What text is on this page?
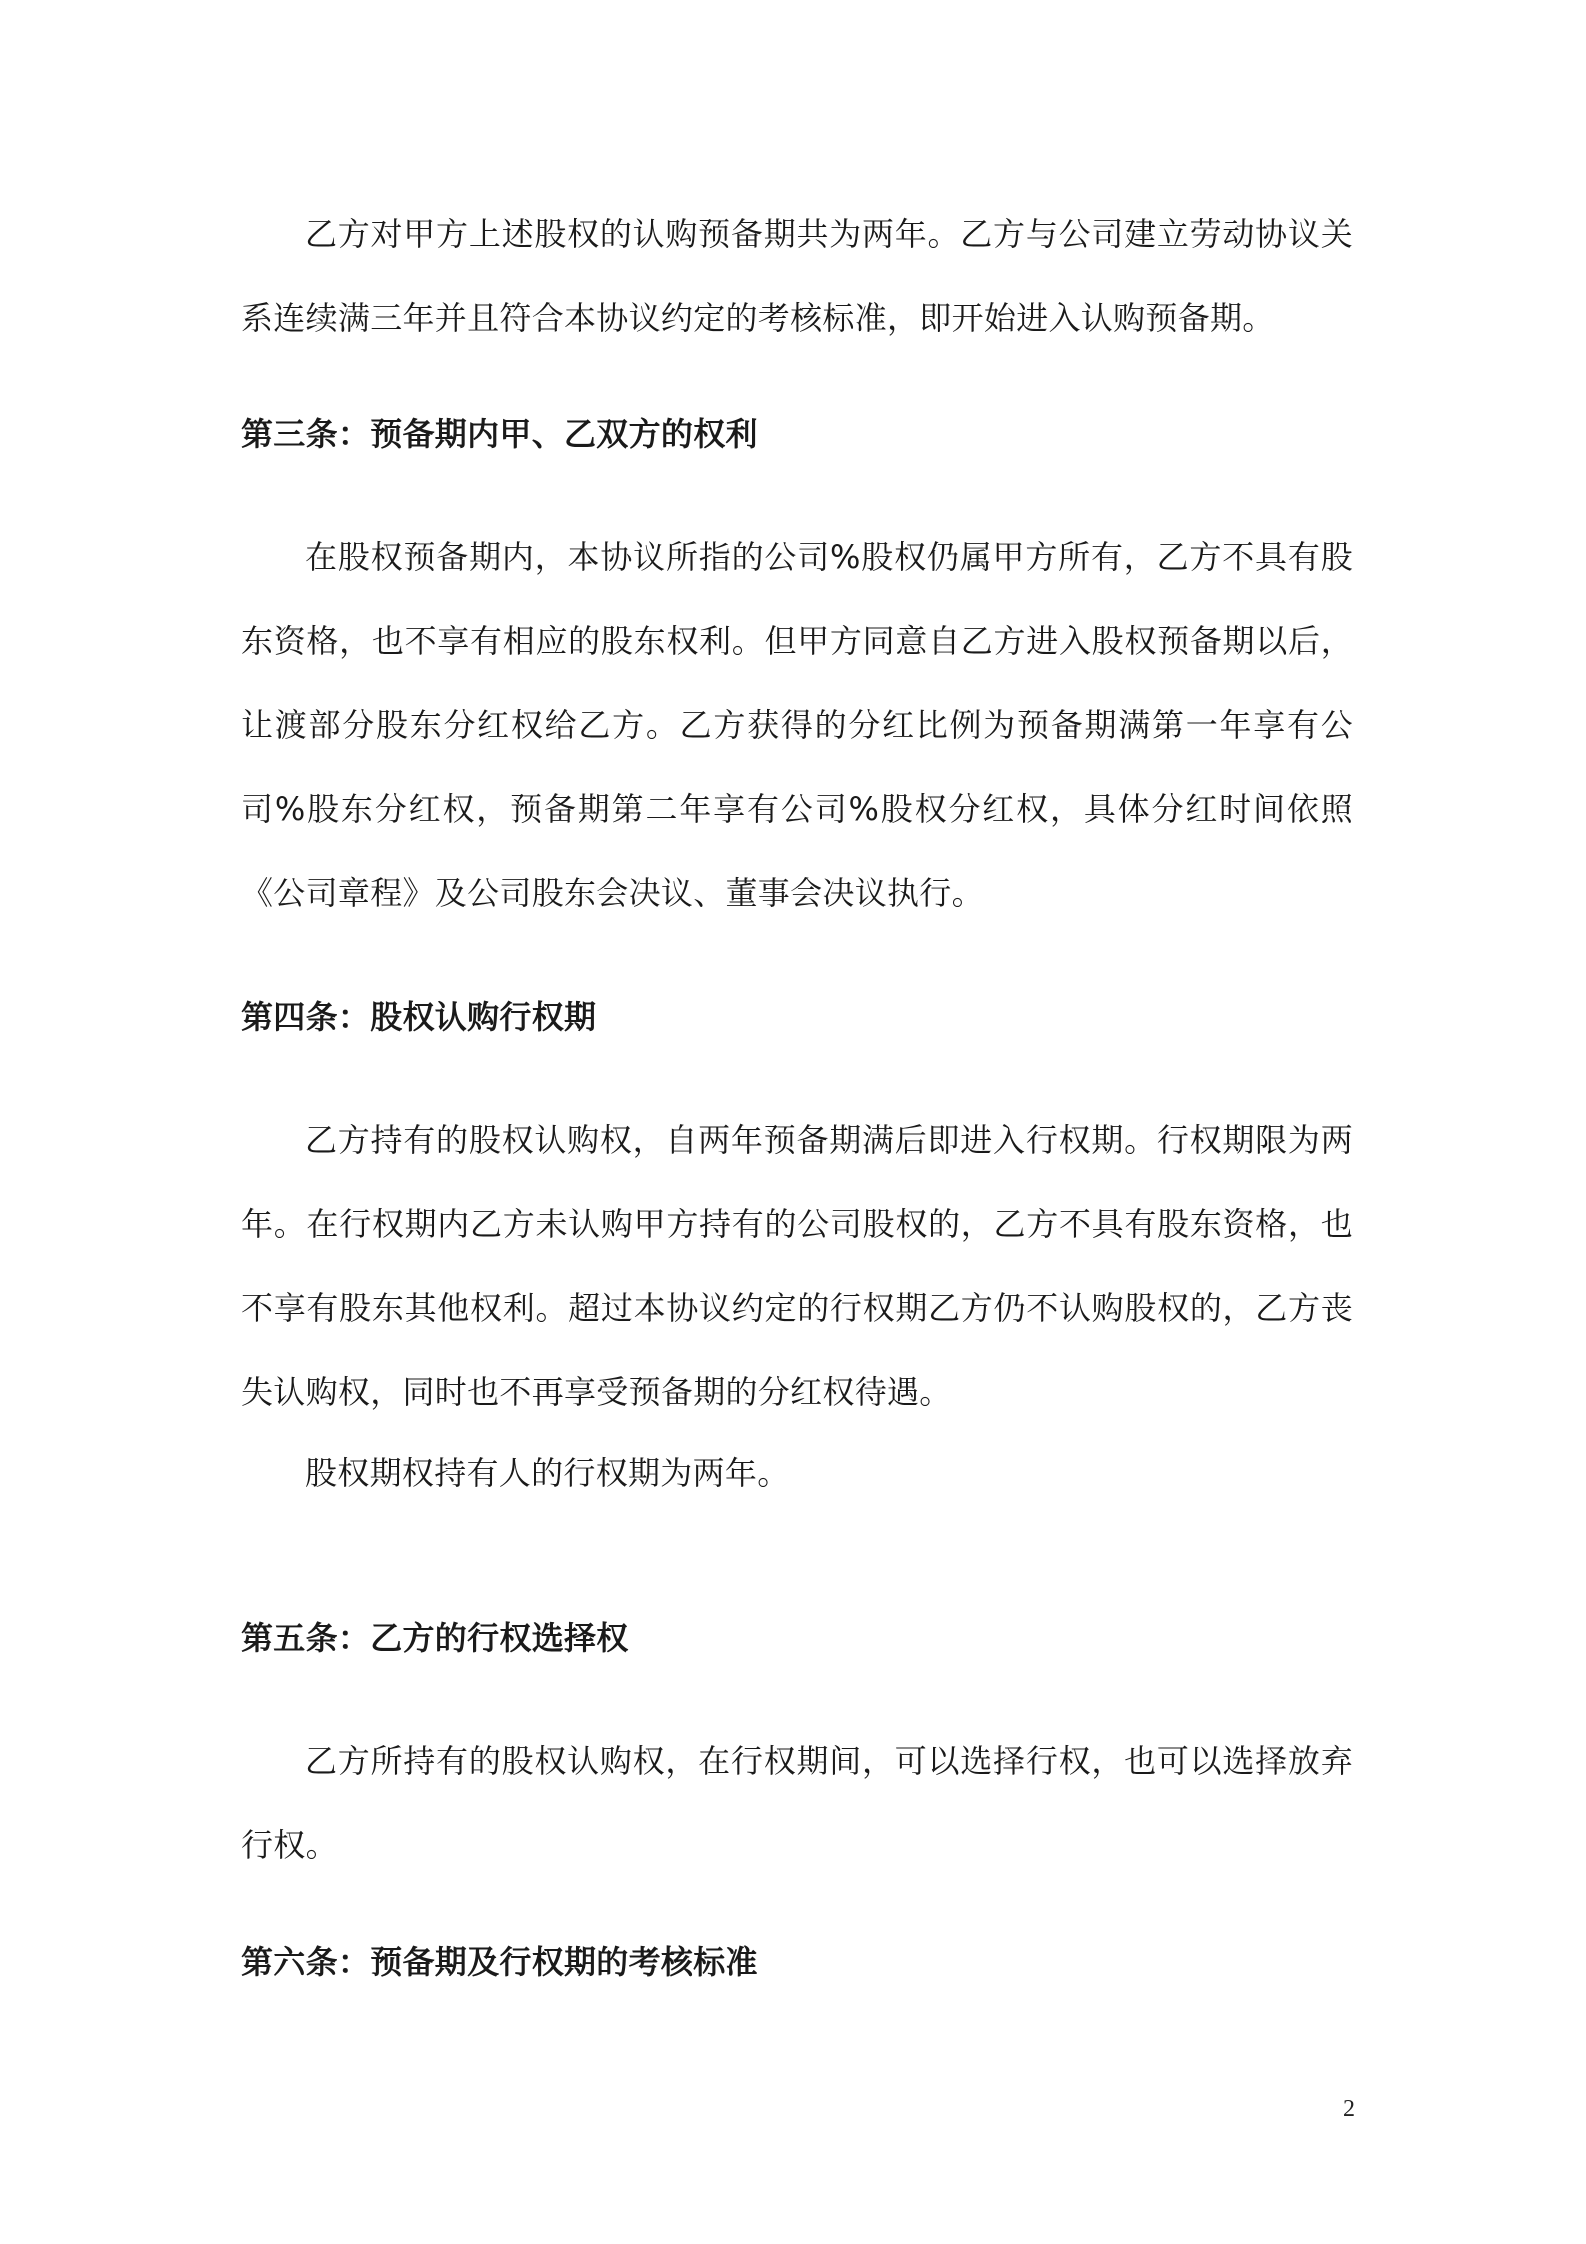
乙方对甲方上述股权的认购预备期共为两年。乙方与公司建立劳动协议关系连续满三年并且符合本协议约定的考核标准，即开始进入认购预备期。

第三条：预备期内甲、乙双方的权利

在股权预备期内，本协议所指的公司%股权仍属甲方所有，乙方不具有股东资格，也不享有相应的股东权利。但甲方同意自乙方进入股权预备期以后，让渡部分股东分红权给乙方。乙方获得的分红比例为预备期满第一年享有公司%股东分红权，预备期第二年享有公司%股权分红权，具体分红时间依照《公司章程》及公司股东会决议、董事会决议执行。

第四条：股权认购行权期

乙方持有的股权认购权，自两年预备期满后即进入行权期。行权期限为两年。在行权期内乙方未认购甲方持有的公司股权的，乙方不具有股东资格，也不享有股东其他权利。超过本协议约定的行权期乙方仍不认购股权的，乙方丧失认购权，同时也不再享受预备期的分红权待遇。

股权期权持有人的行权期为两年。

第五条：乙方的行权选择权

乙方所持有的股权认购权，在行权期间，可以选择行权，也可以选择放弃行权。

第六条：预备期及行权期的考核标准
2
